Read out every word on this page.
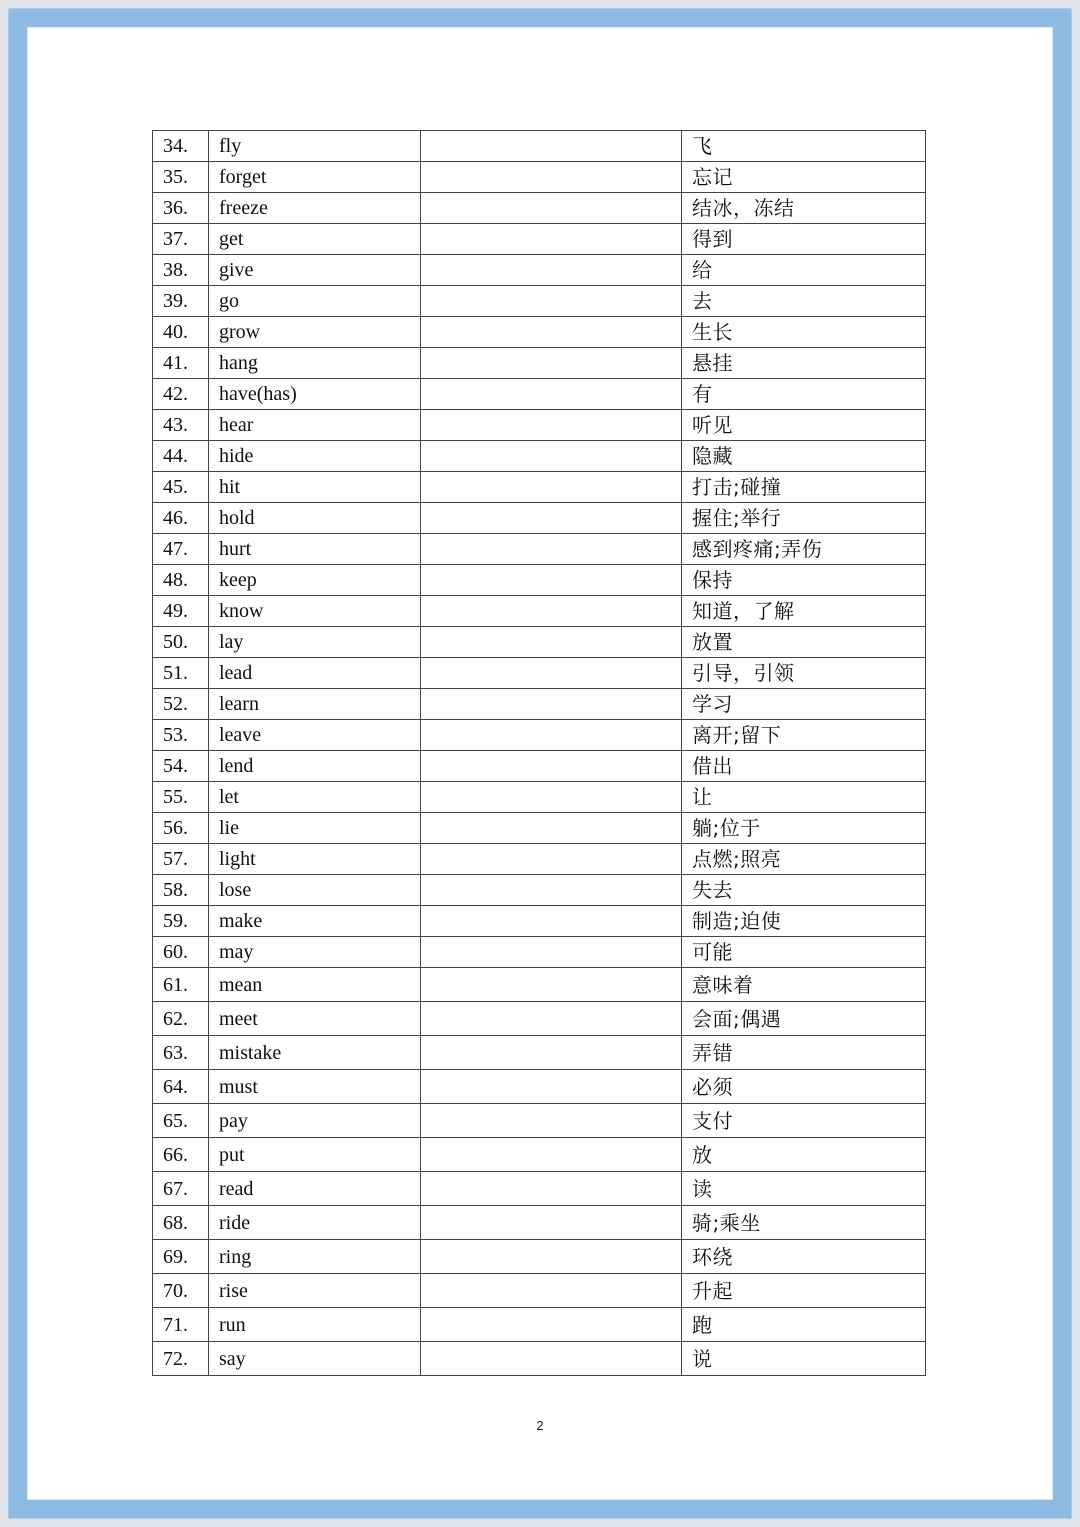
34.	fly		飞
35.	forget		忘记
36.	freeze		结冰，冻结
37.	get		得到
38.	give		给
39.	go		去
40.	grow		生长
41.	hang		悬挂
42.	have(has)		有
43.	hear		听见
44.	hide		隐藏
45.	hit		打击;碰撞
46.	hold		握住;举行
47.	hurt		感到疼痛;弄伤
48.	keep		保持
49.	know		知道，了解
50.	lay		放置
51.	lead		引导，引领
52.	learn		学习
53.	leave		离开;留下
54.	lend		借出
55.	let		让
56.	lie		躺;位于
57.	light		点燃;照亮
58.	lose		失去
59.	make		制造;迫使
60.	may		可能
61.	mean		意味着
62.	meet		会面;偶遇
63.	mistake		弄错
64.	must		必须
65.	pay		支付
66.	put		放
67.	read		读
68.	ride		骑;乘坐
69.	ring		环绕
70.	rise		升起
71.	run		跑
72.	say		说
2
